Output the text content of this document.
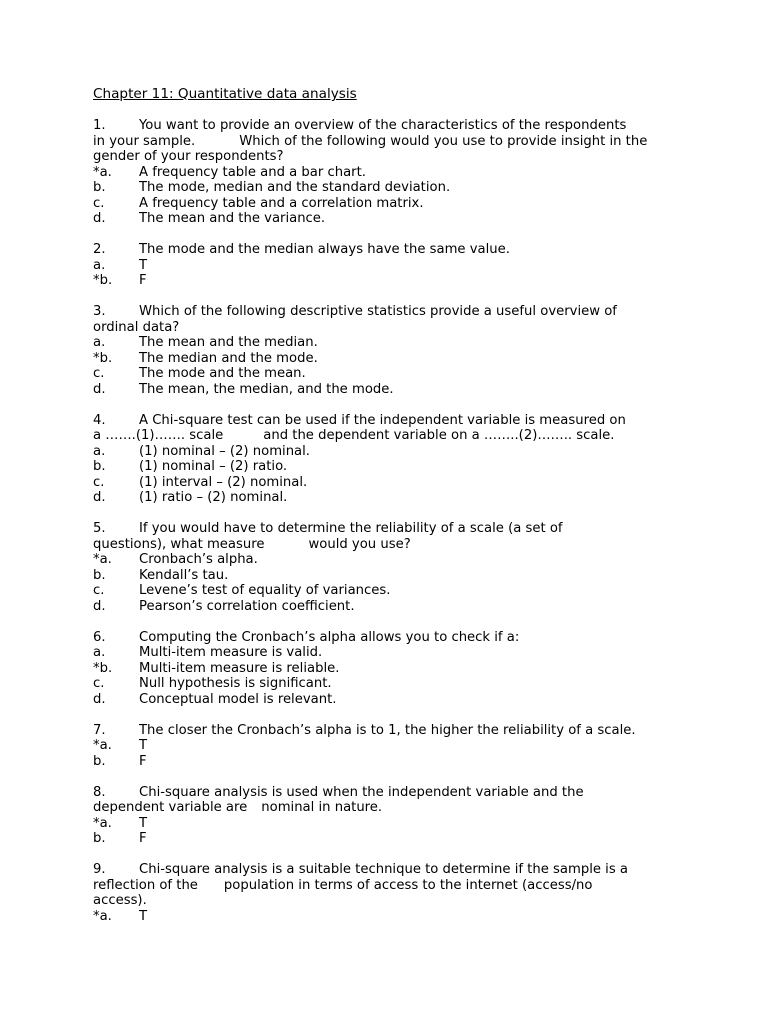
Chapter 11: Quantitative data analysis
1.	You want to provide an overview of the characteristics of the respondents
in your sample.	Which of the following would you use to provide insight in the
gender of your respondents?
*a.	A frequency table and a bar chart.
b.	The mode, median and the standard deviation.
c.	A frequency table and a correlation matrix.
d.	The mean and the variance.
2.	The mode and the median always have the same value.
a.	T
*b.	F
3.	Which of the following descriptive statistics provide a useful overview of
ordinal data?
a.	The mean and the median.
*b.	The median and the mode.
c.	The mode and the mean.
d.	The mean, the median, and the mode.
4.	A Chi-square test can be used if the independent variable is measured on
a …….(1)……. scale	and the dependent variable on a ……..(2)…….. scale.
a.	(1) nominal – (2) nominal.
b.	(1) nominal – (2) ratio.
c.	(1) interval – (2) nominal.
d.	(1) ratio – (2) nominal.
5.	If you would have to determine the reliability of a scale (a set of
questions), what measure	would you use?
*a.	Cronbach’s alpha.
b.	Kendall’s tau.
c.	Levene’s test of equality of variances.
d.	Pearson’s correlation coefficient.
6.	Computing the Cronbach’s alpha allows you to check if a:
a.	Multi-item measure is valid.
*b.	Multi-item measure is reliable.
c.	Null hypothesis is significant.
d.	Conceptual model is relevant.
7.	The closer the Cronbach’s alpha is to 1, the higher the reliability of a scale.
*a.	T
b.	F
8.	Chi-square analysis is used when the independent variable and the
dependent variable are nominal in nature.
*a.	T
b.	F
9.	Chi-square analysis is a suitable technique to determine if the sample is a
reflection of the population in terms of access to the internet (access/no
access).
*a.	T
